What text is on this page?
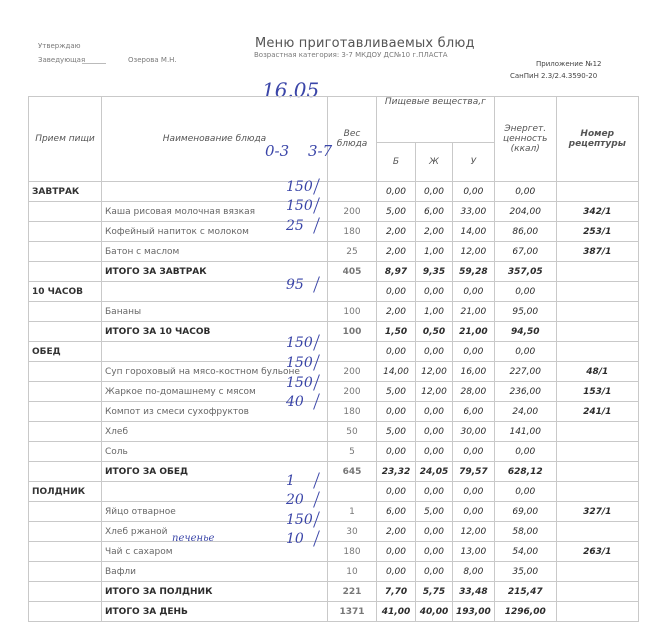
Утверждаю
Заведующая	Озерова М.Н.
Меню приготавливаемых блюд
Возрастная категория: 3-7 МКДОУ ДС№10 г.ПЛАСТА
Приложение №12
СанПиН 2.3/2.4.3590-20
16.05
Прием пищи	Наименование блюда	Вес блюда	Пищевые вещества,г			Энергет. ценность (ккал)	Номер рецептуры
			Б	Ж	У		
ЗАВТРАК			0,00	0,00	0,00	0,00	
	Каша рисовая молочная вязкая	200	5,00	6,00	33,00	204,00	342/1
	Кофейный напиток с молоком	180	2,00	2,00	14,00	86,00	253/1
	Батон с маслом	25	2,00	1,00	12,00	67,00	387/1
	ИТОГО ЗА ЗАВТРАК	405	8,97	9,35	59,28	357,05	
10 ЧАСОВ			0,00	0,00	0,00	0,00	
	Бананы	100	2,00	1,00	21,00	95,00	
	ИТОГО ЗА 10 ЧАСОВ	100	1,50	0,50	21,00	94,50	
ОБЕД			0,00	0,00	0,00	0,00	
	Суп гороховый на мясо-костном бульоне	200	14,00	12,00	16,00	227,00	48/1
	Жаркое по-домашнему с мясом	200	5,00	12,00	28,00	236,00	153/1
	Компот из смеси сухофруктов	180	0,00	0,00	6,00	24,00	241/1
	Хлеб	50	5,00	0,00	30,00	141,00	
	Соль	5	0,00	0,00	0,00	0,00	
	ИТОГО ЗА ОБЕД	645	23,32	24,05	79,57	628,12	
ПОЛДНИК			0,00	0,00	0,00	0,00	
	Яйцо отварное	1	6,00	5,00	0,00	69,00	327/1
	Хлеб ржаной	30	2,00	0,00	12,00	58,00	
	Чай с сахаром	180	0,00	0,00	13,00	54,00	263/1
	Вафли	10	0,00	0,00	8,00	35,00	
	ИТОГО ЗА ПОЛДНИК	221	7,70	5,75	33,48	215,47	
	ИТОГО ЗА ДЕНЬ	1371	41,00	40,00	193,00	1296,00	
0-3 3-7
150
150
25
95
150
150
150
40
1
20
150
10
печенье
